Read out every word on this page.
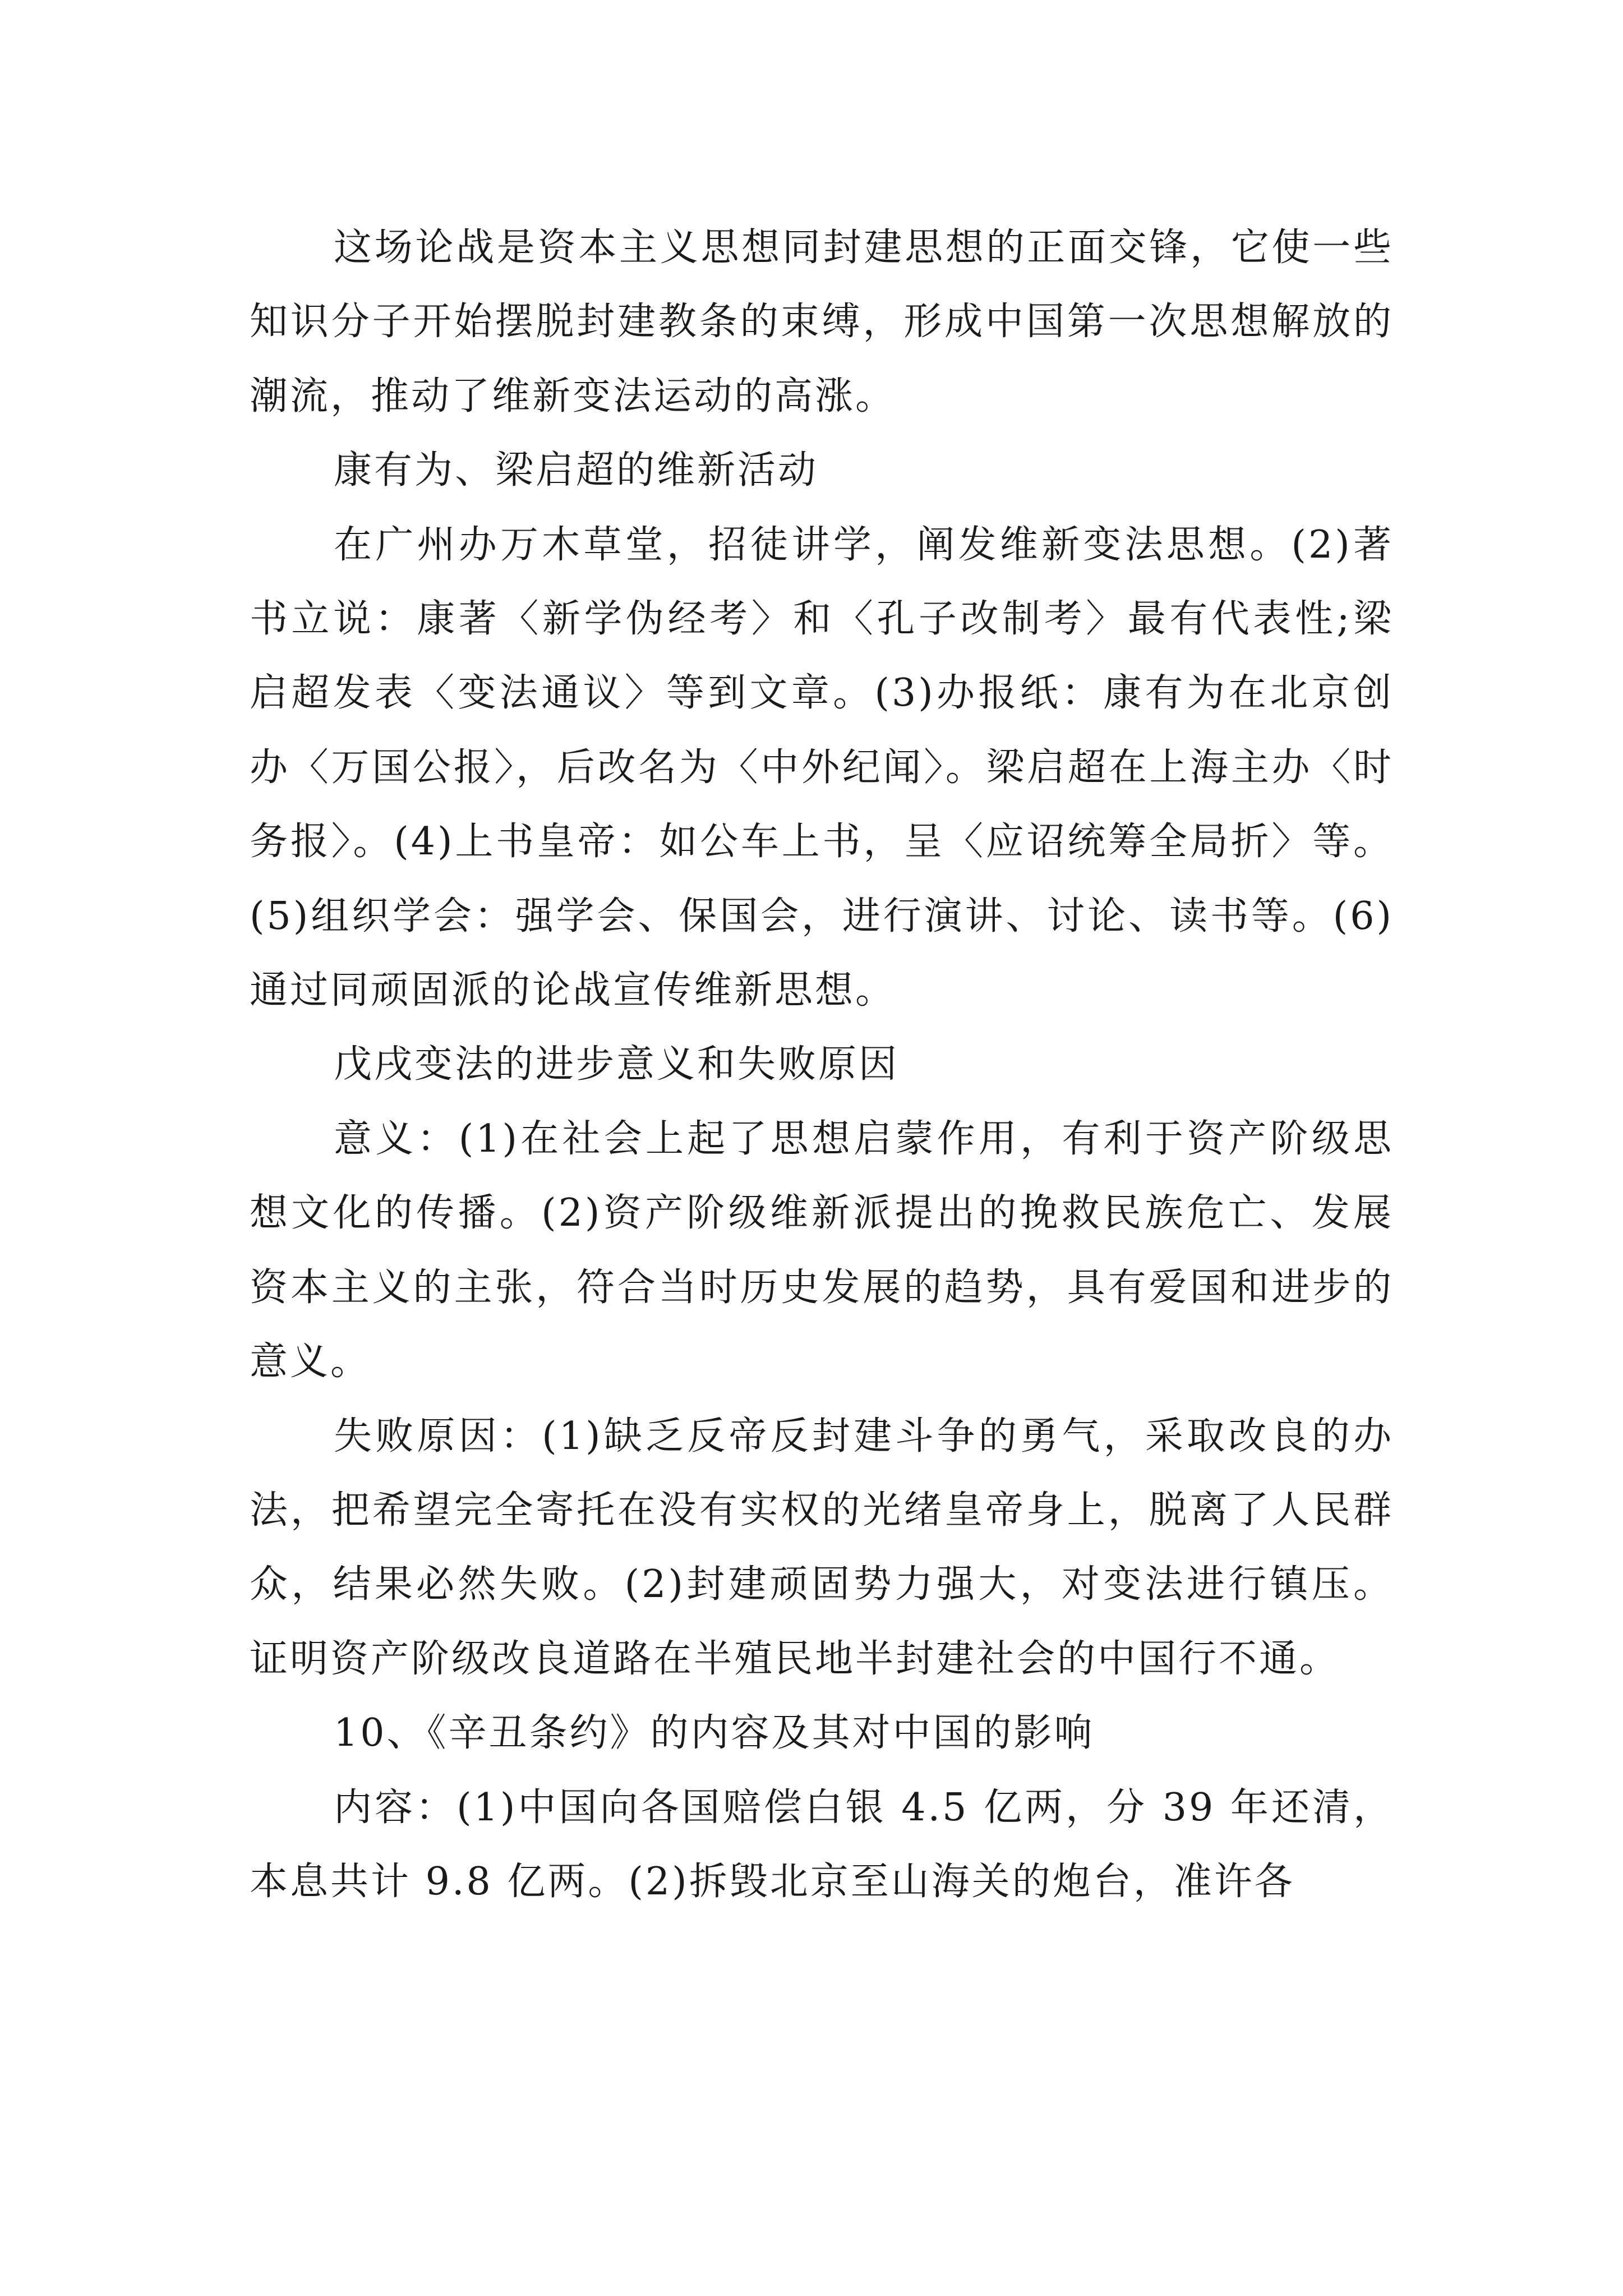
这场论战是资本主义思想同封建思想的正面交锋，它使一些知识分子开始摆脱封建教条的束缚，形成中国第一次思想解放的潮流，推动了维新变法运动的高涨。

康有为、梁启超的维新活动

在广州办万木草堂，招徒讲学，阐发维新变法思想。(2)著书立说：康著〈新学伪经考〉和〈孔子改制考〉最有代表性;梁启超发表〈变法通议〉等到文章。(3)办报纸：康有为在北京创办〈万国公报〉，后改名为〈中外纪闻〉。梁启超在上海主办〈时务报〉。(4)上书皇帝：如公车上书，呈〈应诏统筹全局折〉等。(5)组织学会：强学会、保国会，进行演讲、讨论、读书等。(6)通过同顽固派的论战宣传维新思想。

戊戌变法的进步意义和失败原因

意义：(1)在社会上起了思想启蒙作用，有利于资产阶级思想文化的传播。(2)资产阶级维新派提出的挽救民族危亡、发展资本主义的主张，符合当时历史发展的趋势，具有爱国和进步的意义。

失败原因：(1)缺乏反帝反封建斗争的勇气，采取改良的办法，把希望完全寄托在没有实权的光绪皇帝身上，脱离了人民群众，结果必然失败。(2)封建顽固势力强大，对变法进行镇压。证明资产阶级改良道路在半殖民地半封建社会的中国行不通。

10、《辛丑条约》的内容及其对中国的影响

内容：(1)中国向各国赔偿白银 4.5 亿两，分 39 年还清，本息共计 9.8 亿两。(2)拆毁北京至山海关的炮台，准许各
